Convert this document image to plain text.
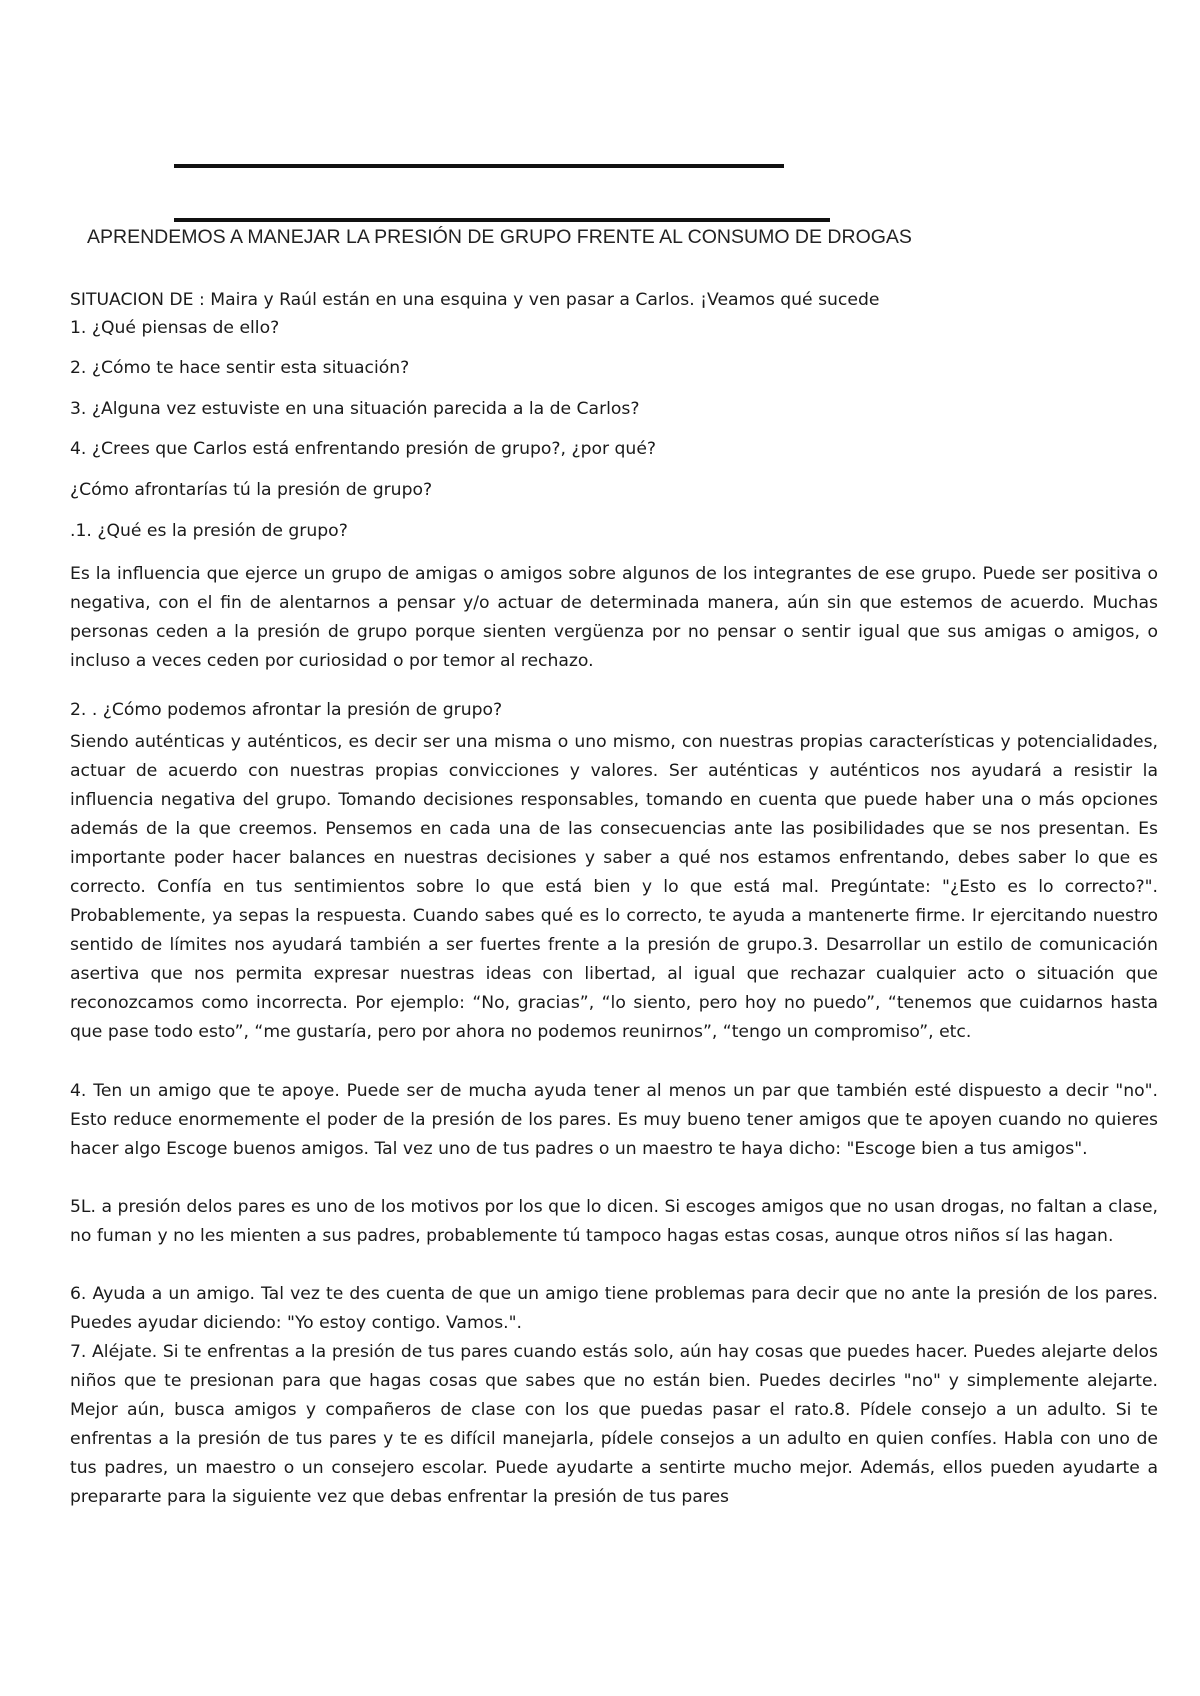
APRENDEMOS A MANEJAR LA PRESIÓN DE GRUPO FRENTE AL CONSUMO DE DROGAS
SITUACION DE : Maira y Raúl están en una esquina y ven pasar a Carlos. ¡Veamos qué sucede
1. ¿Qué piensas de ello?
2. ¿Cómo te hace sentir esta situación?
3. ¿Alguna vez estuviste en una situación parecida a la de Carlos?
4. ¿Crees que Carlos está enfrentando presión de grupo?, ¿por qué?
¿Cómo afrontarías tú la presión de grupo?
.1. ¿Qué es la presión de grupo?
Es la influencia que ejerce un grupo de amigas o amigos sobre algunos de los integrantes de ese grupo. Puede ser positiva o negativa, con el fin de alentarnos a pensar y/o actuar de determinada manera, aún sin que estemos de acuerdo. Muchas personas ceden a la presión de grupo porque sienten vergüenza por no pensar o sentir igual que sus amigas o amigos, o incluso a veces ceden por curiosidad o por temor al rechazo.
2. . ¿Cómo podemos afrontar la presión de grupo?
Siendo auténticas y auténticos, es decir ser una misma o uno mismo, con nuestras propias características y potencialidades, actuar de acuerdo con nuestras propias convicciones y valores. Ser auténticas y auténticos nos ayudará a resistir la influencia negativa del grupo. Tomando decisiones responsables, tomando en cuenta que puede haber una o más opciones además de la que creemos. Pensemos en cada una de las consecuencias ante las posibilidades que se nos presentan. Es importante poder hacer balances en nuestras decisiones y saber a qué nos estamos enfrentando, debes saber lo que es correcto. Confía en tus sentimientos sobre lo que está bien y lo que está mal. Pregúntate: "¿Esto es lo correcto?". Probablemente, ya sepas la respuesta. Cuando sabes qué es lo correcto, te ayuda a mantenerte firme. Ir ejercitando nuestro sentido de límites nos ayudará también a ser fuertes frente a la presión de grupo.3. Desarrollar un estilo de comunicación asertiva que nos permita expresar nuestras ideas con libertad, al igual que rechazar cualquier acto o situación que reconozcamos como incorrecta. Por ejemplo: “No, gracias”, “lo siento, pero hoy no puedo”, “tenemos que cuidarnos hasta que pase todo esto”, “me gustaría, pero por ahora no podemos reunirnos”, “tengo un compromiso”, etc.
4. Ten un amigo que te apoye. Puede ser de mucha ayuda tener al menos un par que también esté dispuesto a decir "no". Esto reduce enormemente el poder de la presión de los pares. Es muy bueno tener amigos que te apoyen cuando no quieres hacer algo Escoge buenos amigos. Tal vez uno de tus padres o un maestro te haya dicho: "Escoge bien a tus amigos".
5L. a presión delos pares es uno de los motivos por los que lo dicen. Si escoges amigos que no usan drogas, no faltan a clase, no fuman y no les mienten a sus padres, probablemente tú tampoco hagas estas cosas, aunque otros niños sí las hagan.
6. Ayuda a un amigo. Tal vez te des cuenta de que un amigo tiene problemas para decir que no ante la presión de los pares. Puedes ayudar diciendo: "Yo estoy contigo. Vamos.".
7. Aléjate. Si te enfrentas a la presión de tus pares cuando estás solo, aún hay cosas que puedes hacer. Puedes alejarte delos niños que te presionan para que hagas cosas que sabes que no están bien. Puedes decirles "no" y simplemente alejarte. Mejor aún, busca amigos y compañeros de clase con los que puedas pasar el rato.8. Pídele consejo a un adulto. Si te enfrentas a la presión de tus pares y te es difícil manejarla, pídele consejos a un adulto en quien confíes. Habla con uno de tus padres, un maestro o un consejero escolar. Puede ayudarte a sentirte mucho mejor. Además, ellos pueden ayudarte a prepararte para la siguiente vez que debas enfrentar la presión de tus pares
